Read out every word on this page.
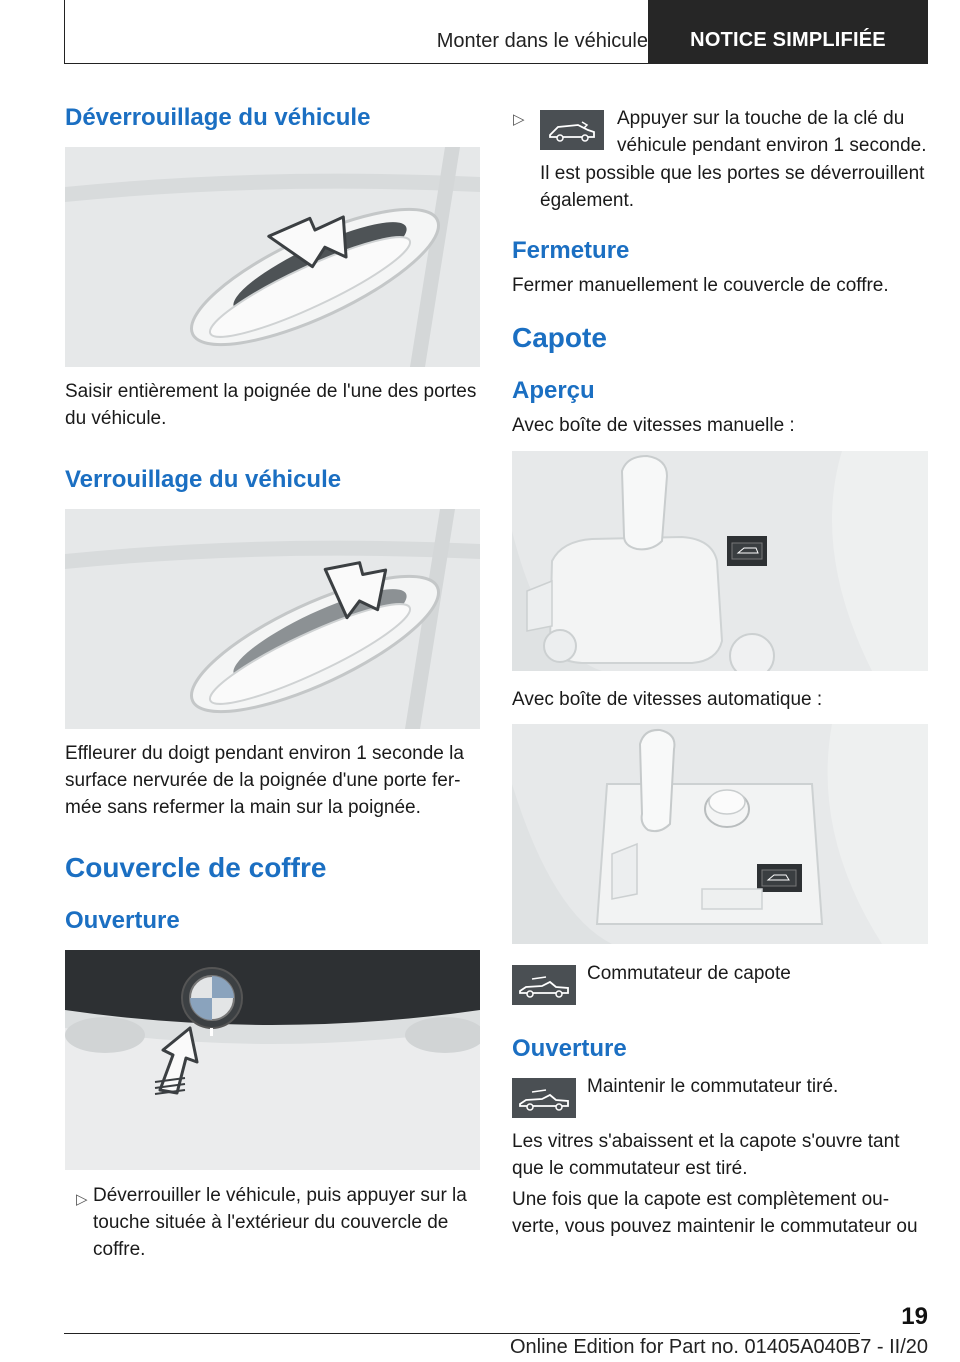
Monter dans le véhicule	NOTICE SIMPLIFIÉE
Déverrouillage du véhicule

Saisir entièrement la poignée de l'une des portes du véhicule.

Verrouillage du véhicule

Effleurer du doigt pendant environ 1 seconde la

surface nervurée de la poignée d'une porte fer-

mée sans refermer la main sur la poignée.

Couvercle de coffre
Ouverture
▷ Déverrouiller le véhicule, puis appuyer sur la

touche située à l'extérieur du couvercle de

coffre.

▷	Appuyer sur la touche de la clé du

véhicule pendant environ 1 seconde.

Il est possible que les portes se déverrouillent

également.

Fermeture

Fermer manuellement le couvercle de coffre.

Capote
Aperçu

Avec boîte de vitesses manuelle :

Avec boîte de vitesses automatique :

Commutateur de capote

Ouverture

Maintenir le commutateur tiré.

Les vitres s'abaissent et la capote s'ouvre tant

que le commutateur est tiré.

Une fois que la capote est complètement ou-

verte, vous pouvez maintenir le commutateur ou

19
Online Edition for Part no. 01405A040B7 - II/20
